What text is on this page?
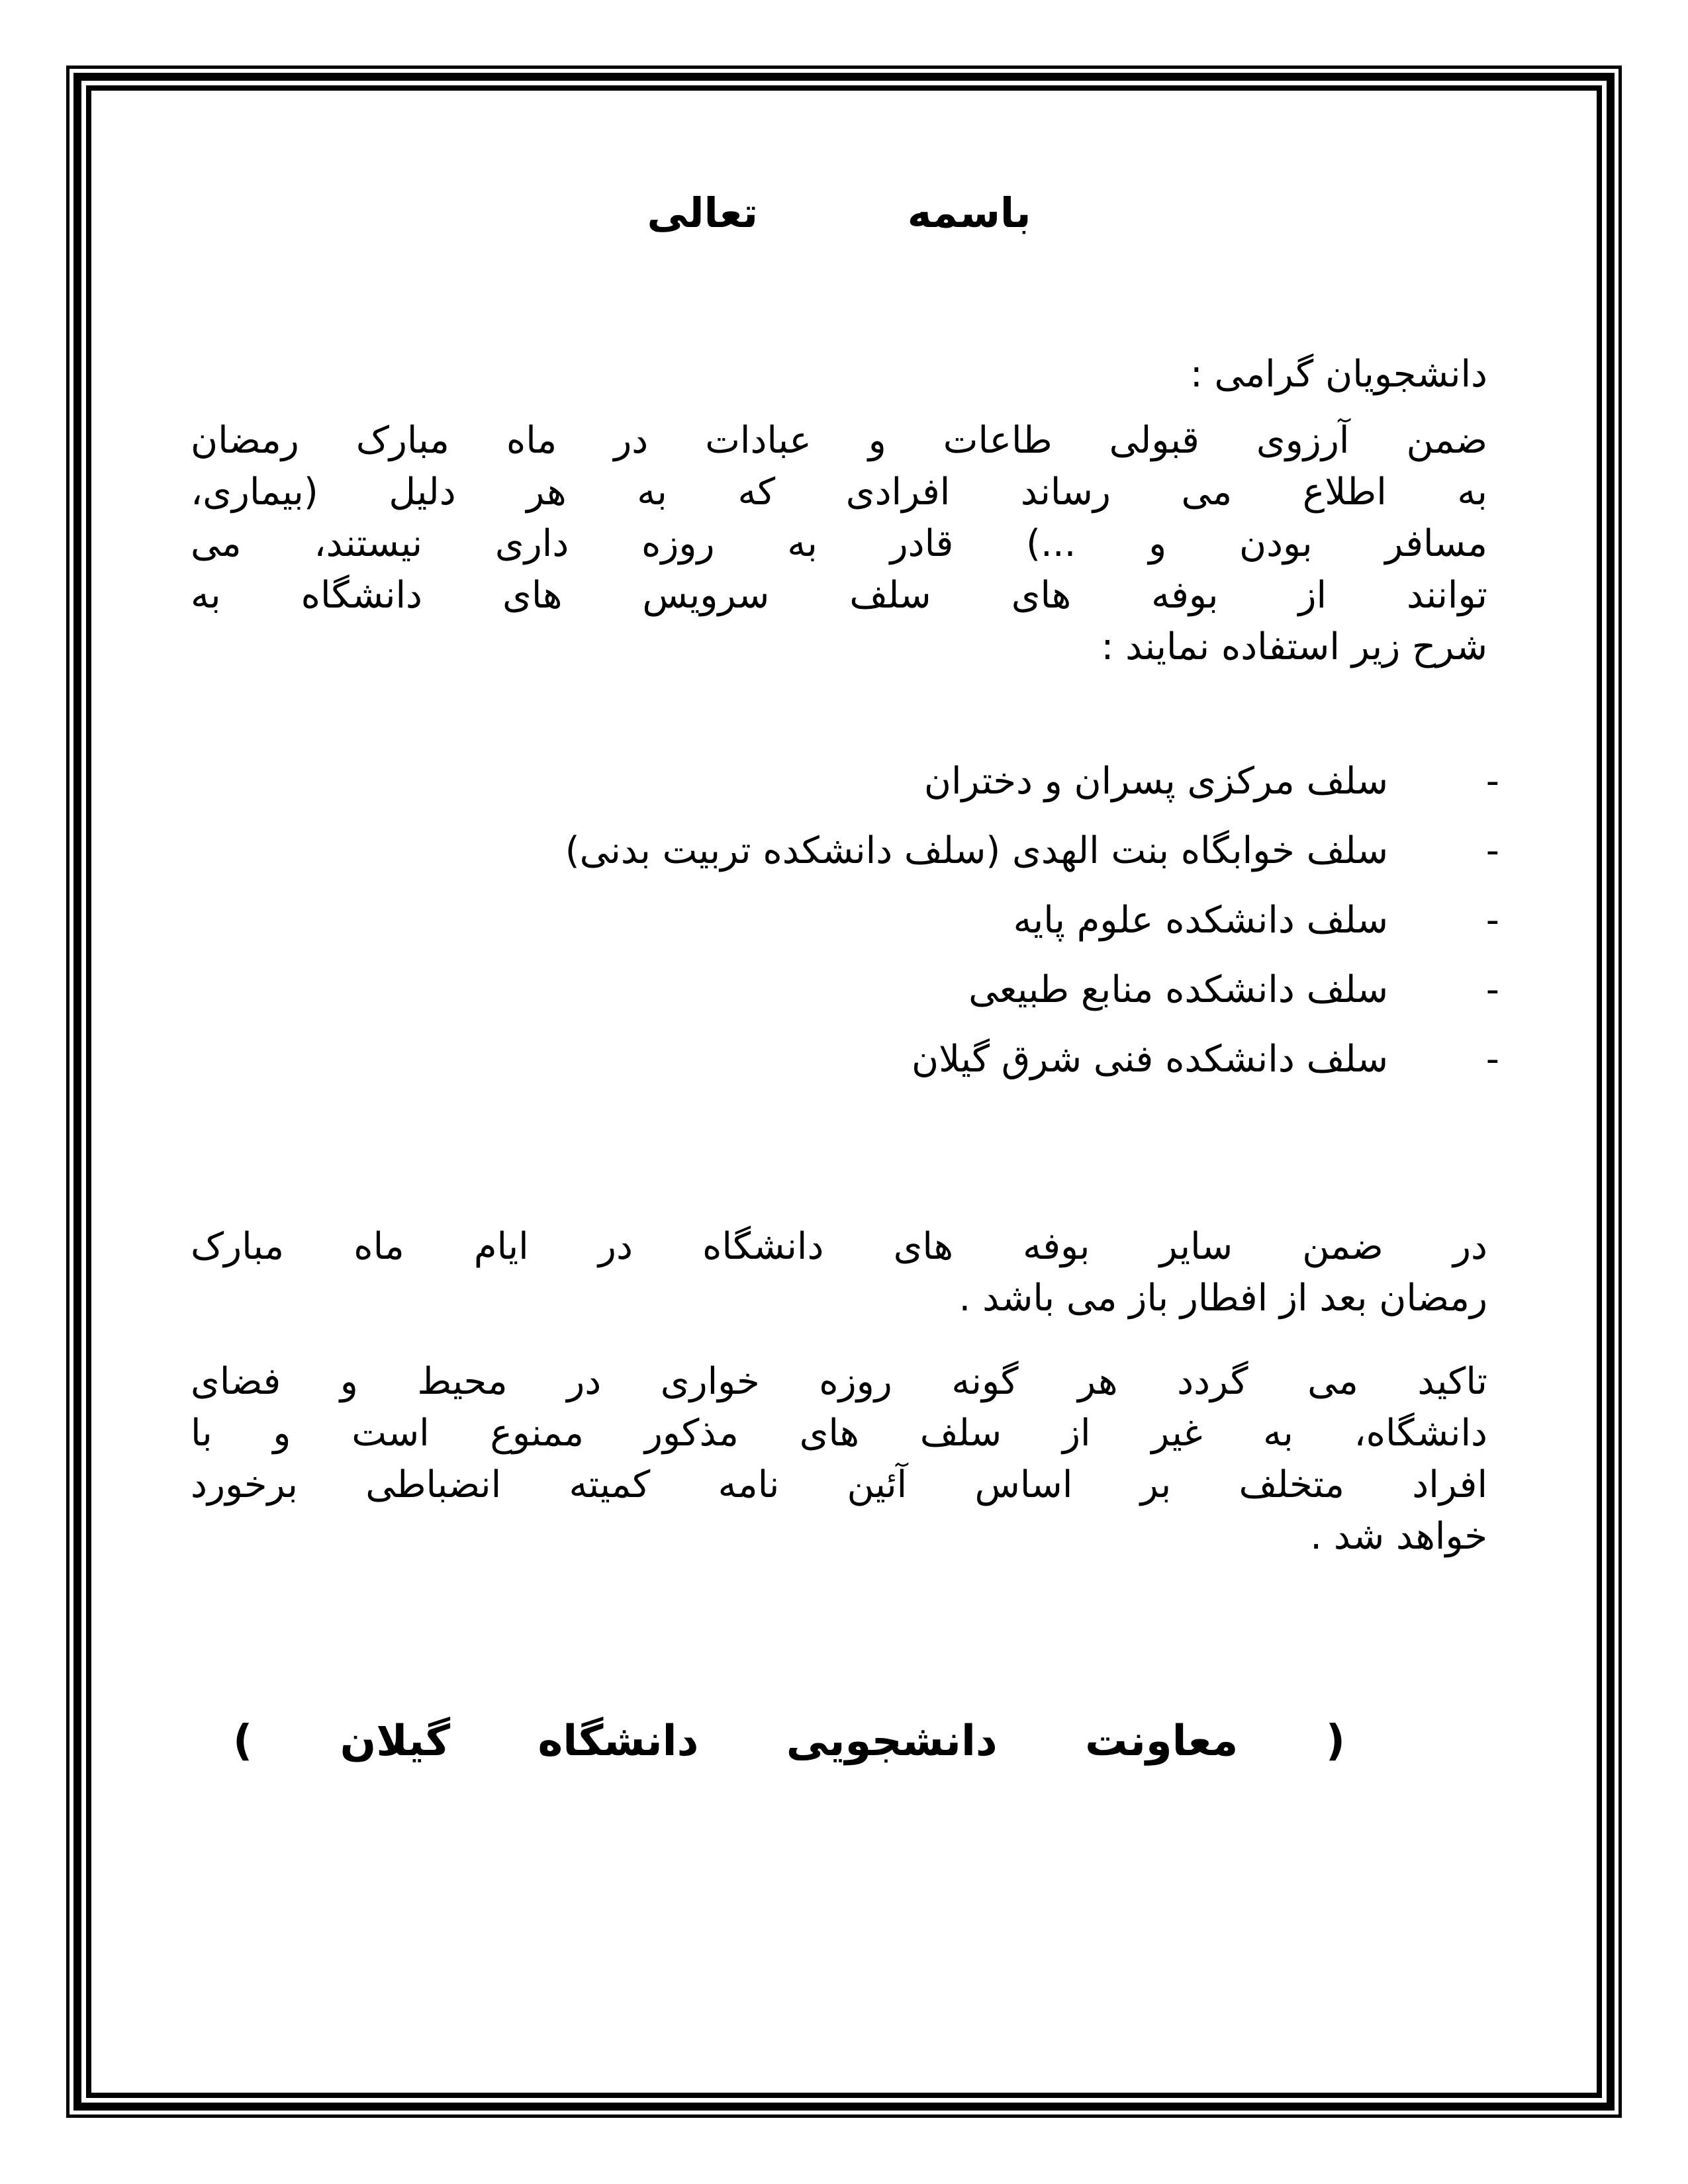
باسمه تعالی
دانشجویان گرامی :
ضمن آرزوی قبولی طاعات و عبادات در ماه مبارک رمضان
به اطلاع می رساند افرادی که به هر دلیل (بیماری،
مسافر بودن و ...) قادر به روزه داری نیستند، می
توانند از بوفه های سلف سرویس های دانشگاه به
شرح زیر استفاده نمایند :
-
سلف مرکزی پسران و دختران
-
سلف خوابگاه بنت الهدی (سلف دانشکده تربیت بدنی)
-
سلف دانشکده علوم پایه
-
سلف دانشکده منابع طبیعی
-
سلف دانشکده فنی شرق گیلان
در ضمن سایر بوفه های دانشگاه در ایام ماه مبارک
رمضان بعد از افطار باز می باشد .
تاکید می گردد هر گونه روزه خواری در محیط و فضای
دانشگاه، به غیر از سلف های مذکور ممنوع است و با
افراد متخلف بر اساس آئین نامه کمیته انضباطی برخورد
خواهد شد .
( معاونت دانشجویی دانشگاه گیلان )
